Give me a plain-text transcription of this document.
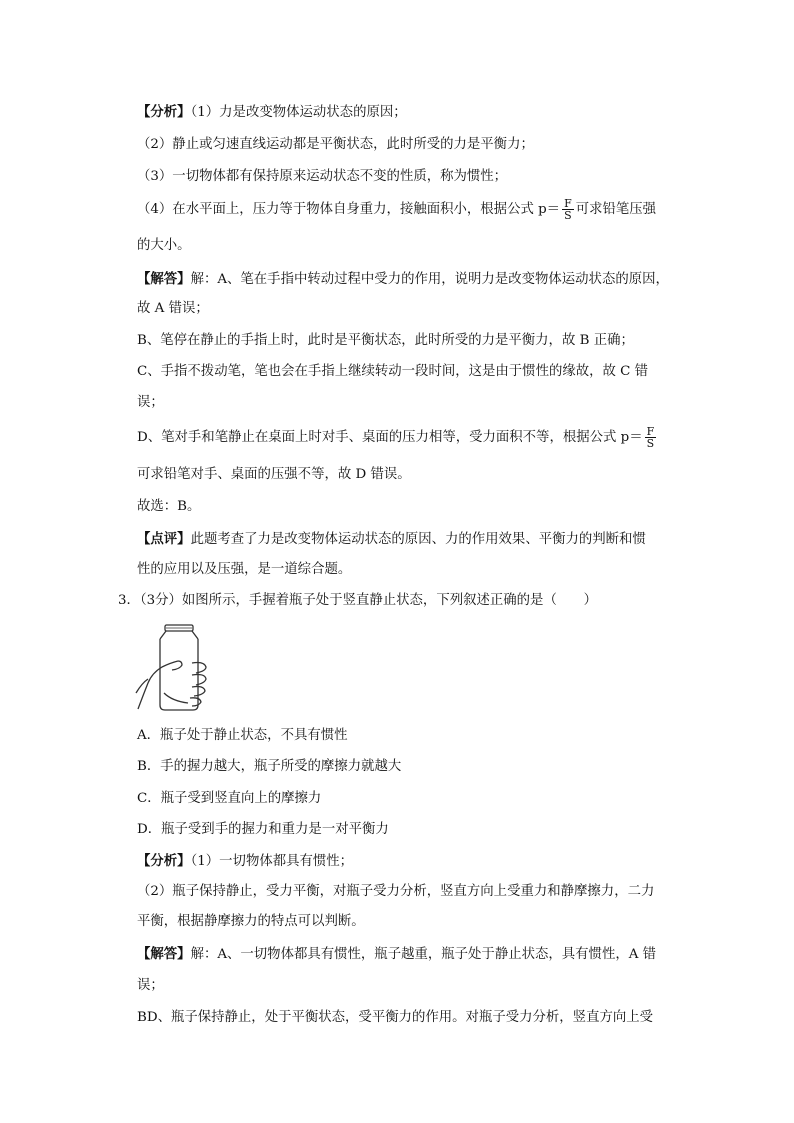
【分析】（1）力是改变物体运动状态的原因；
（2）静止或匀速直线运动都是平衡状态，此时所受的力是平衡力；
（3）一切物体都有保持原来运动状态不变的性质，称为惯性；
（4）在水平面上，压力等于物体自身重力，接触面积小，根据公式 $p= \frac{F}{S}$ 可求铅笔压强
的大小。
【解答】解：A、笔在手指中转动过程中受力的作用，说明力是改变物体运动状态的原因，
故 A 错误；
B、笔停在静止的手指上时，此时是平衡状态，此时所受的力是平衡力，故 B 正确；
C、手指不拨动笔，笔也会在手指上继续转动一段时间，这是由于惯性的缘故，故 C 错
误；
D、笔对手和笔静止在桌面上时对手、桌面的压力相等，受力面积不等，根据公式 $p= \frac{F}{S}$
可求铅笔对手、桌面的压强不等，故 D 错误。
故选：B。
【点评】此题考查了力是改变物体运动状态的原因、力的作用效果、平衡力的判断和惯
性的应用以及压强，是一道综合题。
3．（3分）如图所示，手握着瓶子处于竖直静止状态，下列叙述正确的是（　　）
A．瓶子处于静止状态，不具有惯性
B．手的握力越大，瓶子所受的摩擦力就越大
C．瓶子受到竖直向上的摩擦力
D．瓶子受到手的握力和重力是一对平衡力
【分析】（1）一切物体都具有惯性；
（2）瓶子保持静止，受力平衡，对瓶子受力分析，竖直方向上受重力和静摩擦力，二力
平衡，根据静摩擦力的特点可以判断。
【解答】解：A、一切物体都具有惯性，瓶子越重，瓶子处于静止状态，具有惯性，A 错
误；
BD、瓶子保持静止，处于平衡状态，受平衡力的作用。对瓶子受力分析，竖直方向上受
